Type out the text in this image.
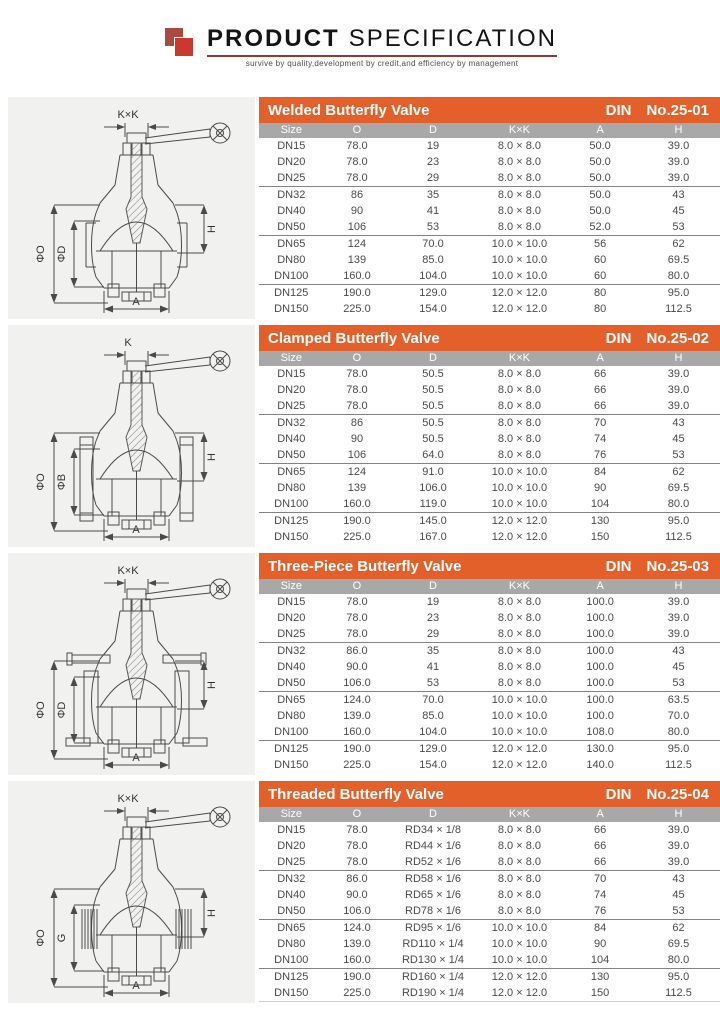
PRODUCT SPECIFICATION
survive by quality,development by credit,and efficiency by management
K×K
ΦO ΦD
H
A
Welded Butterfly Valve	DIN No.25-01
Size	O	D	K×K	A	H
DN15	78.0	19	8.0 × 8.0	50.0	39.0
DN20	78.0	23	8.0 × 8.0	50.0	39.0
DN25	78.0	29	8.0 × 8.0	50.0	39.0
DN32	86	35	8.0 × 8.0	50.0	43
DN40	90	41	8.0 × 8.0	50.0	45
DN50	106	53	8.0 × 8.0	52.0	53
DN65	124	70.0	10.0 × 10.0	56	62
DN80	139	85.0	10.0 × 10.0	60	69.5
DN100	160.0	104.0	10.0 × 10.0	60	80.0
DN125	190.0	129.0	12.0 × 12.0	80	95.0
DN150	225.0	154.0	12.0 × 12.0	80	112.5
K
ΦO ΦB
H
A
Clamped Butterfly Valve	DIN No.25-02
Size	O	D	K×K	A	H
DN15	78.0	50.5	8.0 × 8.0	66	39.0
DN20	78.0	50.5	8.0 × 8.0	66	39.0
DN25	78.0	50.5	8.0 × 8.0	66	39.0
DN32	86	50.5	8.0 × 8.0	70	43
DN40	90	50.5	8.0 × 8.0	74	45
DN50	106	64.0	8.0 × 8.0	76	53
DN65	124	91.0	10.0 × 10.0	84	62
DN80	139	106.0	10.0 × 10.0	90	69.5
DN100	160.0	119.0	10.0 × 10.0	104	80.0
DN125	190.0	145.0	12.0 × 12.0	130	95.0
DN150	225.0	167.0	12.0 × 12.0	150	112.5
K×K
ΦO ΦD
H
A
Three-Piece Butterfly Valve	DIN No.25-03
Size	O	D	K×K	A	H
DN15	78.0	19	8.0 × 8.0	100.0	39.0
DN20	78.0	23	8.0 × 8.0	100.0	39.0
DN25	78.0	29	8.0 × 8.0	100.0	39.0
DN32	86.0	35	8.0 × 8.0	100.0	43
DN40	90.0	41	8.0 × 8.0	100.0	45
DN50	106.0	53	8.0 × 8.0	100.0	53
DN65	124.0	70.0	10.0 × 10.0	100.0	63.5
DN80	139.0	85.0	10.0 × 10.0	100.0	70.0
DN100	160.0	104.0	10.0 × 10.0	108.0	80.0
DN125	190.0	129.0	12.0 × 12.0	130.0	95.0
DN150	225.0	154.0	12.0 × 12.0	140.0	112.5
K×K
ΦO G
H
A
Threaded Butterfly Valve	DIN No.25-04
Size	O	D	K×K	A	H
DN15	78.0	RD34 × 1/8	8.0 × 8.0	66	39.0
DN20	78.0	RD44 × 1/6	8.0 × 8.0	66	39.0
DN25	78.0	RD52 × 1/6	8.0 × 8.0	66	39.0
DN32	86.0	RD58 × 1/6	8.0 × 8.0	70	43
DN40	90.0	RD65 × 1/6	8.0 × 8.0	74	45
DN50	106.0	RD78 × 1/6	8.0 × 8.0	76	53
DN65	124.0	RD95 × 1/6	10.0 × 10.0	84	62
DN80	139.0	RD110 × 1/4	10.0 × 10.0	90	69.5
DN100	160.0	RD130 × 1/4	10.0 × 10.0	104	80.0
DN125	190.0	RD160 × 1/4	12.0 × 12.0	130	95.0
DN150	225.0	RD190 × 1/4	12.0 × 12.0	150	112.5
